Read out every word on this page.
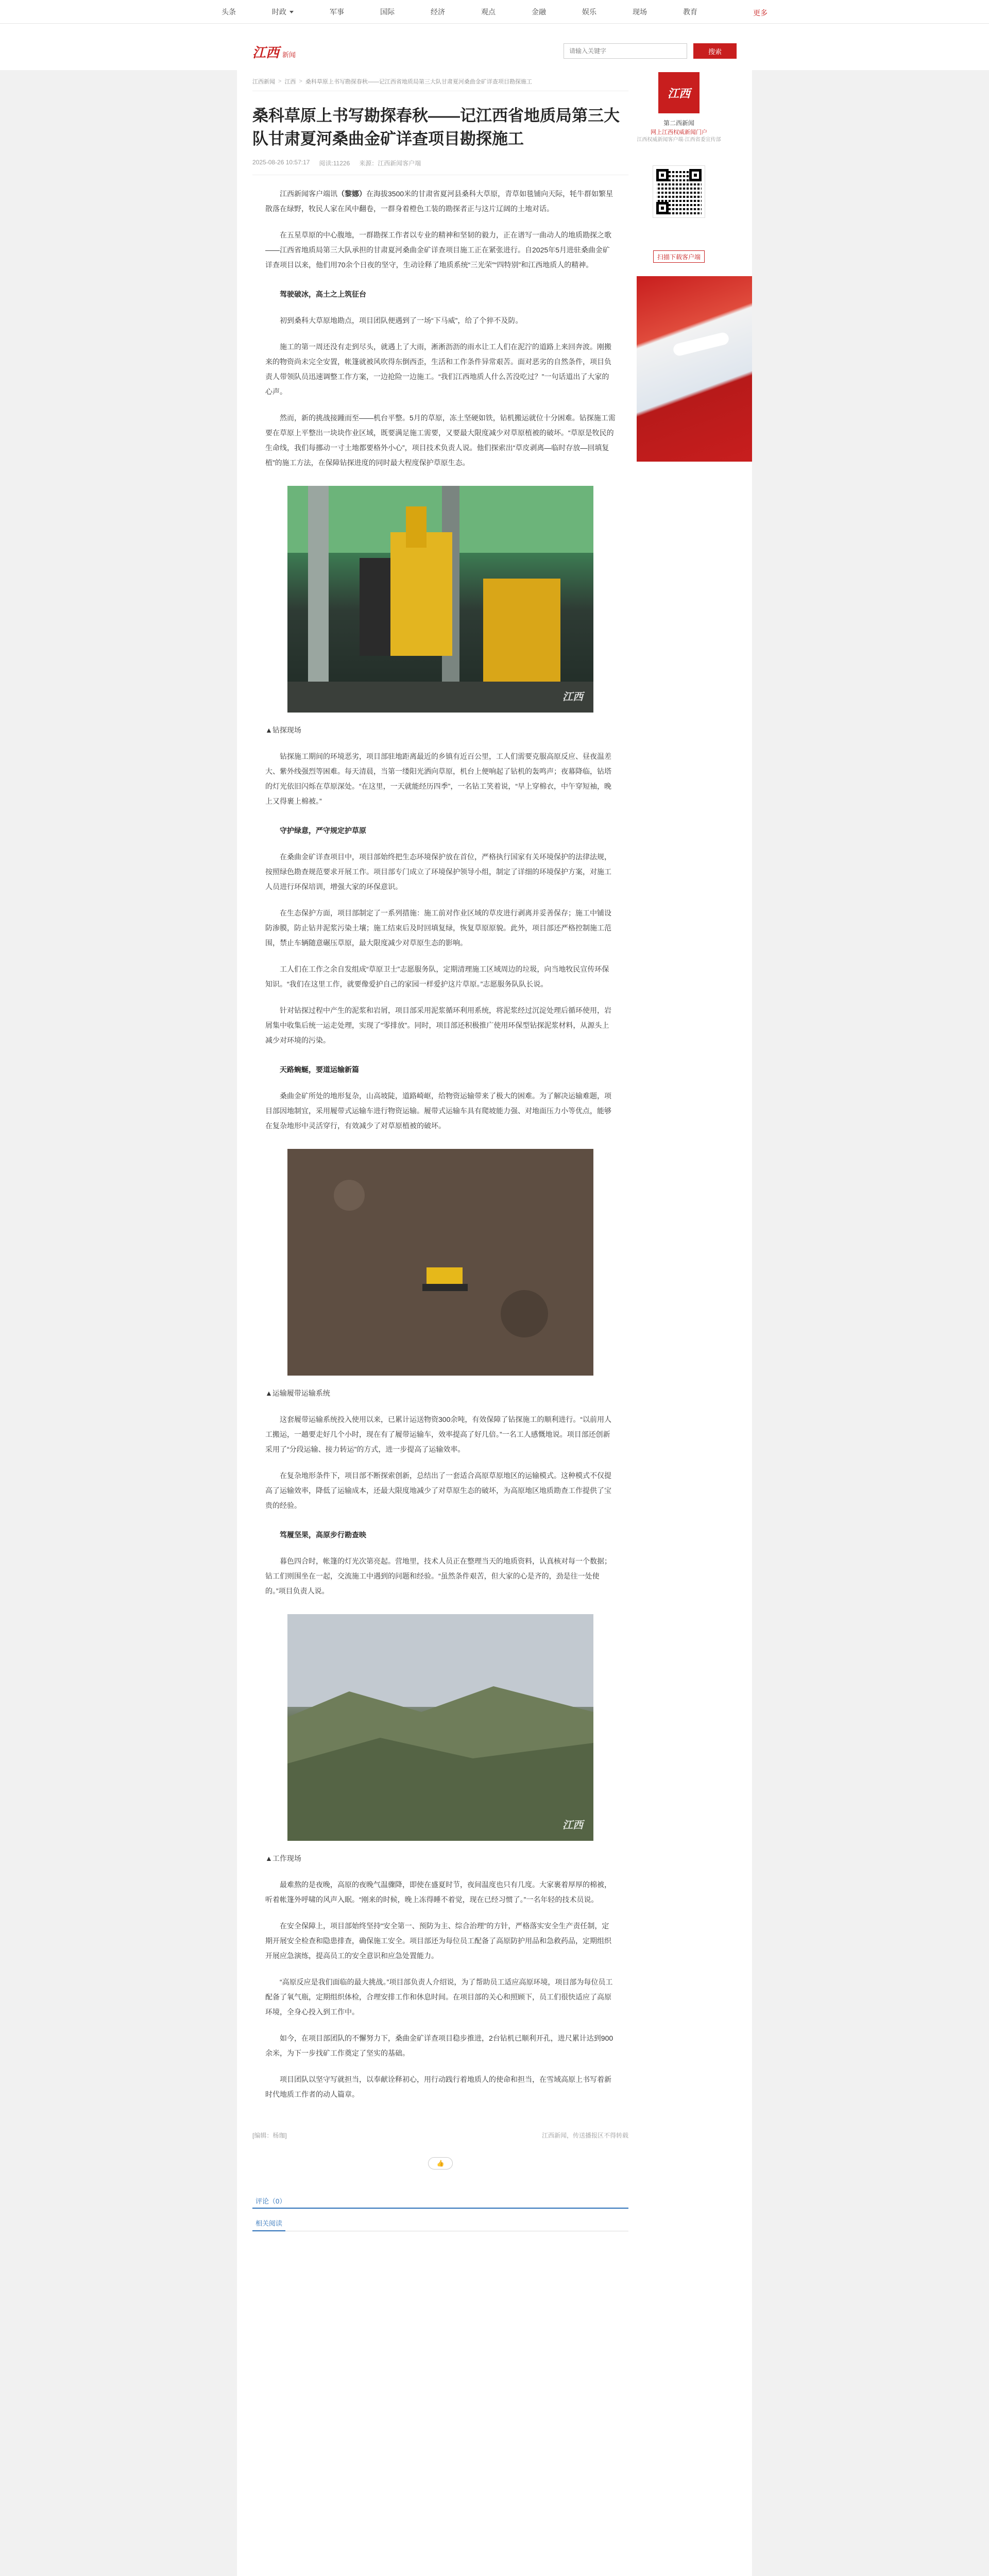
头条	时政	军事	国际	经济	观点	金融	娱乐	现场	教育	更多
江西 新闻
请输入关键字	搜索
江西新闻 > 江西 > 桑科草原上书写勘探春秋——记江西省地质局第三大队甘肃夏河桑曲金矿详查项目勘探施工
桑科草原上书写勘探春秋——记江西省地质局第三大队甘肃夏河桑曲金矿详查项目勘探施工
2025-08-26 10:57:17 阅读:11226 来源：江西新闻客户端

江西新闻客户端讯（黎娜）在海拔3500米的甘肃省夏河县桑科大草原，青草如毯铺向天际，牦牛群如繁星散落在绿野，牧民人家在风中翻卷，一群身着橙色工装的勘探者正与这片辽阔的土地对话。

在五星草原的中心腹地，一群勘探工作者以专业的精神和坚韧的毅力，正在谱写一曲动人的地质勘探之歌——江西省地质局第三大队承担的甘肃夏河桑曲金矿详查项目施工正在紧张进行。自2025年5月进驻桑曲金矿详查项目以来，他们用70余个日夜的坚守，生动诠释了地质系统“三光荣”“四特别”和江西地质人的精神。

驾驶破冰，高土之上筑征台

初到桑科大草原地勘点，项目团队便遇到了一场“下马威”，给了个猝不及防。

施工的第一周还没有走到尽头，就遇上了大雨，淅淅沥沥的雨水让工人们在泥泞的道路上来回奔波。刚搬来的物资尚未完全安置，帐篷就被风吹得东倒西歪，生活和工作条件异常艰苦。面对恶劣的自然条件，项目负责人带领队员迅速调整工作方案，一边抢险一边施工。“我们江西地质人什么苦没吃过？”一句话道出了大家的心声。

然而，新的挑战接踵而至——机台平整。5月的草原，冻土坚硬如铁，钻机搬运就位十分困难。钻探施工需要在草原上平整出一块块作业区域，既要满足施工需要，又要最大限度减少对草原植被的破坏。“草原是牧民的生命线，我们每挪动一寸土地都要格外小心”，项目技术负责人说。他们探索出“草皮剥离—临时存放—回填复植”的施工方法，在保障钻探进度的同时最大程度保护草原生态。

江西

▲钻探现场

钻探施工期间的环境恶劣，项目部驻地距离最近的乡镇有近百公里，工人们需要克服高原反应、昼夜温差大、紫外线强烈等困难。每天清晨，当第一缕阳光洒向草原，机台上便响起了钻机的轰鸣声；夜幕降临，钻塔的灯光依旧闪烁在草原深处。“在这里，一天就能经历四季”，一名钻工笑着说，“早上穿棉衣，中午穿短袖，晚上又得裹上棉被。”

守护绿意，严守规定护草原

在桑曲金矿详查项目中，项目部始终把生态环境保护放在首位，严格执行国家有关环境保护的法律法规，按照绿色勘查规范要求开展工作。项目部专门成立了环境保护领导小组，制定了详细的环境保护方案，对施工人员进行环保培训，增强大家的环保意识。

在生态保护方面，项目部制定了一系列措施：施工前对作业区域的草皮进行剥离并妥善保存；施工中铺设防渗膜，防止钻井泥浆污染土壤；施工结束后及时回填复绿，恢复草原原貌。此外，项目部还严格控制施工范围，禁止车辆随意碾压草原，最大限度减少对草原生态的影响。

工人们在工作之余自发组成“草原卫士”志愿服务队，定期清理施工区域周边的垃圾，向当地牧民宣传环保知识。“我们在这里工作，就要像爱护自己的家园一样爱护这片草原。”志愿服务队队长说。

针对钻探过程中产生的泥浆和岩屑，项目部采用泥浆循环利用系统，将泥浆经过沉淀处理后循环使用，岩屑集中收集后统一运走处理，实现了“零排放”。同时，项目部还积极推广使用环保型钻探泥浆材料，从源头上减少对环境的污染。

天路蜿蜒，要道运输新篇

桑曲金矿所处的地形复杂，山高坡陡，道路崎岖，给物资运输带来了极大的困难。为了解决运输难题，项目部因地制宜，采用履带式运输车进行物资运输。履带式运输车具有爬坡能力强、对地面压力小等优点，能够在复杂地形中灵活穿行，有效减少了对草原植被的破坏。

▲运输履带运输系统

这套履带运输系统投入使用以来，已累计运送物资300余吨，有效保障了钻探施工的顺利进行。“以前用人工搬运，一趟要走好几个小时，现在有了履带运输车，效率提高了好几倍。”一名工人感慨地说。项目部还创新采用了“分段运输、接力转运”的方式，进一步提高了运输效率。

在复杂地形条件下，项目部不断探索创新，总结出了一套适合高原草原地区的运输模式。这种模式不仅提高了运输效率，降低了运输成本，还最大限度地减少了对草原生态的破坏，为高原地区地质勘查工作提供了宝贵的经验。

笃履坚果，高原步行勘查映

暮色四合时，帐篷的灯光次第亮起。营地里，技术人员正在整理当天的地质资料，认真核对每一个数据；钻工们则围坐在一起，交流施工中遇到的问题和经验。“虽然条件艰苦，但大家的心是齐的，劲是往一处使的。”项目负责人说。

江西

▲工作现场

最难熬的是夜晚，高原的夜晚气温骤降，即使在盛夏时节，夜间温度也只有几度。大家裹着厚厚的棉被，听着帐篷外呼啸的风声入眠。“刚来的时候，晚上冻得睡不着觉，现在已经习惯了。”一名年轻的技术员说。

在安全保障上，项目部始终坚持“安全第一、预防为主、综合治理”的方针，严格落实安全生产责任制，定期开展安全检查和隐患排查，确保施工安全。项目部还为每位员工配备了高原防护用品和急救药品，定期组织开展应急演练，提高员工的安全意识和应急处置能力。

“高原反应是我们面临的最大挑战。”项目部负责人介绍说，为了帮助员工适应高原环境，项目部为每位员工配备了氧气瓶，定期组织体检，合理安排工作和休息时间。在项目部的关心和照顾下，员工们很快适应了高原环境，全身心投入到工作中。

如今，在项目部团队的不懈努力下，桑曲金矿详查项目稳步推进，2台钻机已顺利开孔，进尺累计达到900余米，为下一步找矿工作奠定了坚实的基础。

项目团队以坚守写就担当，以奉献诠释初心，用行动践行着地质人的使命和担当，在雪域高原上书写着新时代地质工作者的动人篇章。

[编辑：杨珈]	江西新闻，传送播报区不得转载
👍
评论（0）
相关阅读
江西
第二西新闻
网上江西权威新闻门户
江西权威新闻客户端·江西省委宣传部
扫描下载客户端
